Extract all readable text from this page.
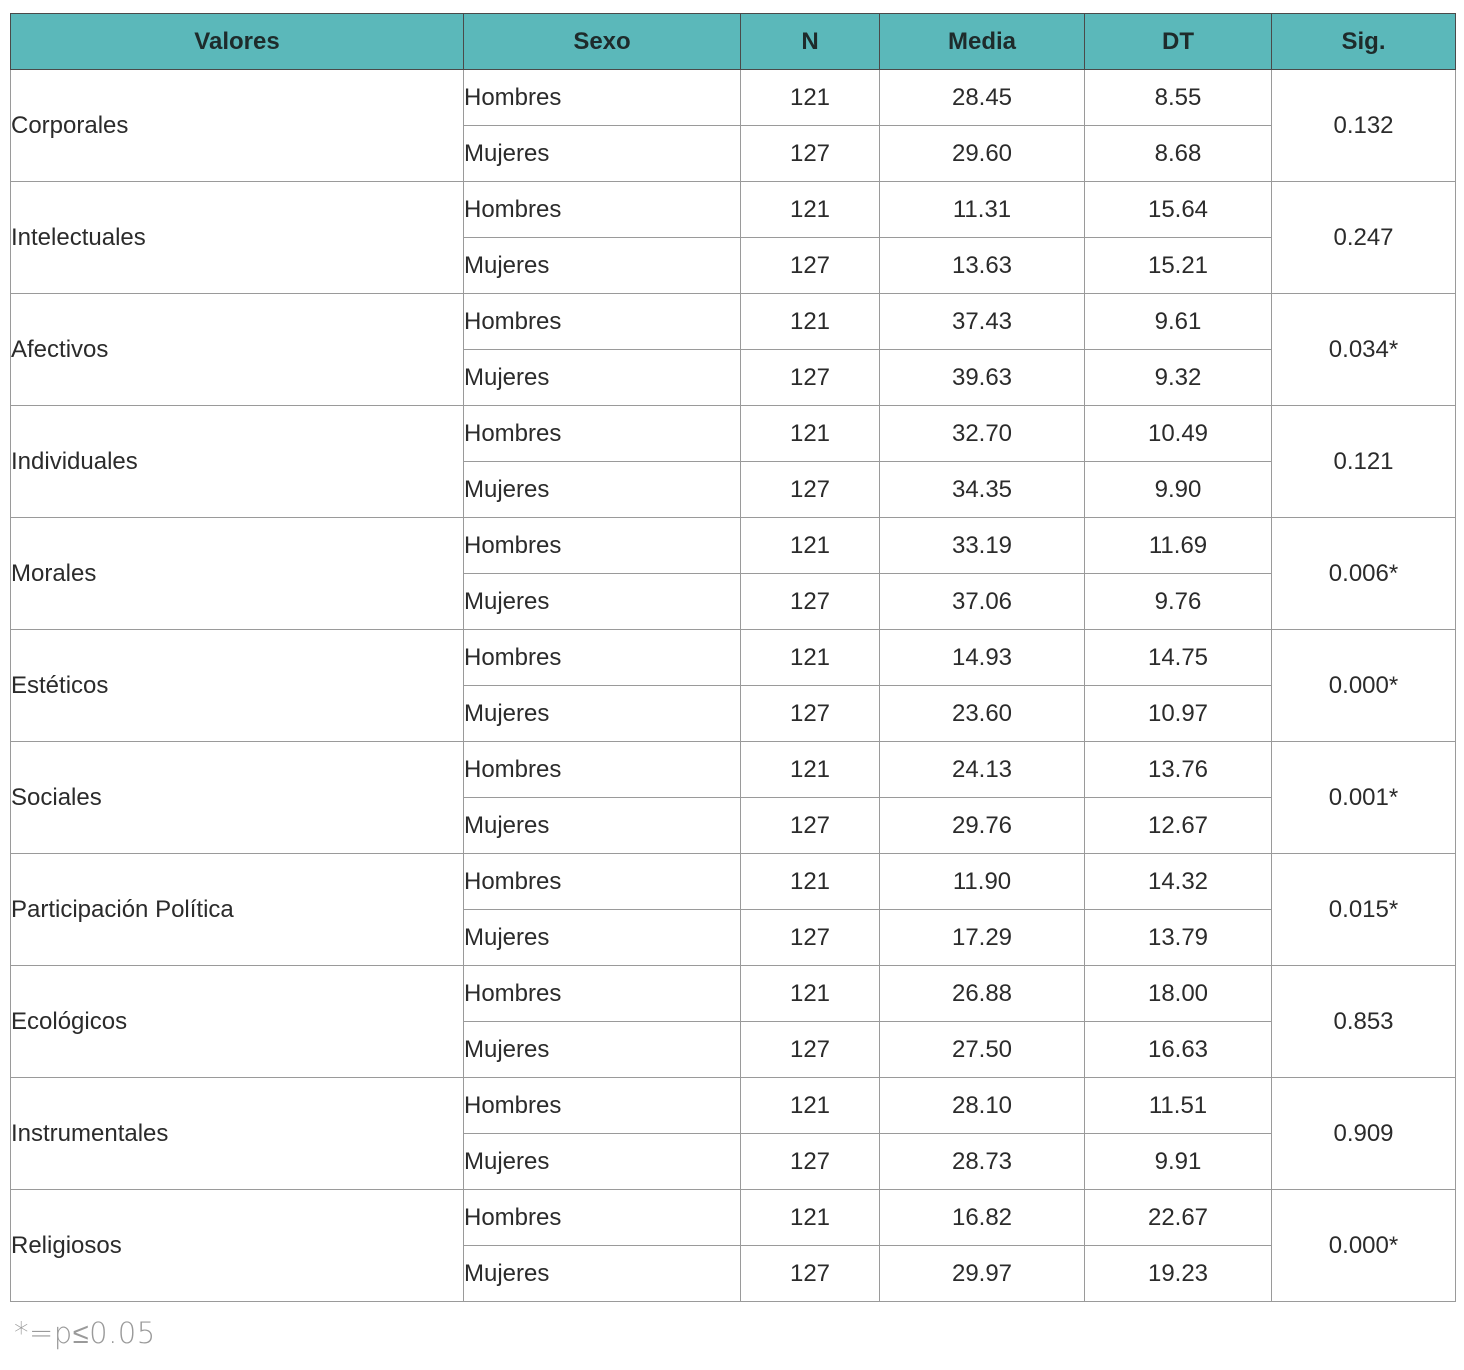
Valores	Sexo	N	Media	DT	Sig.
Corporales	Hombres	121	28.45	8.55	0.132
	Mujeres	127	29.60	8.68	
Intelectuales	Hombres	121	11.31	15.64	0.247
	Mujeres	127	13.63	15.21	
Afectivos	Hombres	121	37.43	9.61	0.034*
	Mujeres	127	39.63	9.32	
Individuales	Hombres	121	32.70	10.49	0.121
	Mujeres	127	34.35	9.90	
Morales	Hombres	121	33.19	11.69	0.006*
	Mujeres	127	37.06	9.76	
Estéticos	Hombres	121	14.93	14.75	0.000*
	Mujeres	127	23.60	10.97	
Sociales	Hombres	121	24.13	13.76	0.001*
	Mujeres	127	29.76	12.67	
Participación Política	Hombres	121	11.90	14.32	0.015*
	Mujeres	127	17.29	13.79	
Ecológicos	Hombres	121	26.88	18.00	0.853
	Mujeres	127	27.50	16.63	
Instrumentales	Hombres	121	28.10	11.51	0.909
	Mujeres	127	28.73	9.91	
Religiosos	Hombres	121	16.82	22.67	0.000*
	Mujeres	127	29.97	19.23	
*=p≤0.05
